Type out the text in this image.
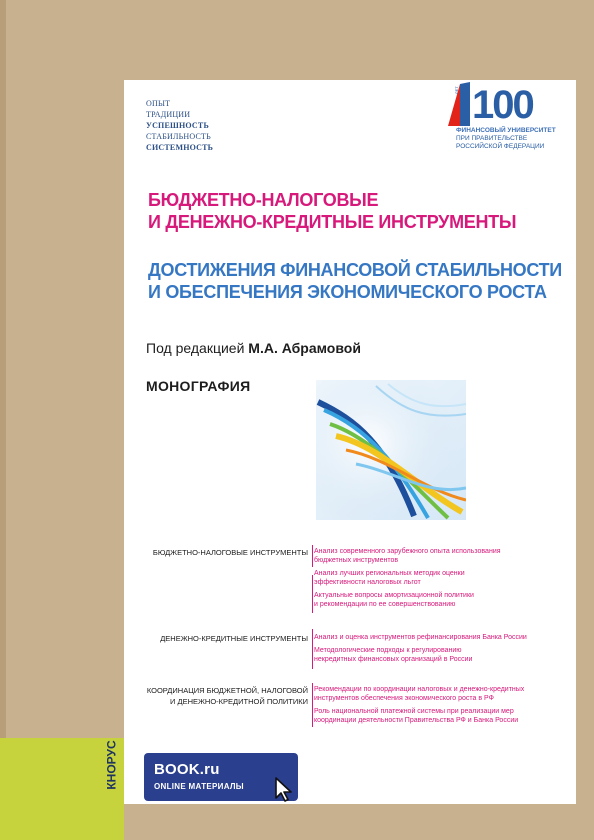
КНОРУС
ОПЫТ
ТРАДИЦИИ
УСПЕШНОСТЬ
СТАБИЛЬНОСТЬ
СИСТЕМНОСТЬ
ЛЕТ 100
ФИНАНСОВЫЙ УНИВЕРСИТЕТ
ПРИ ПРАВИТЕЛЬСТВЕ
РОССИЙСКОЙ ФЕДЕРАЦИИ
БЮДЖЕТНО-НАЛОГОВЫЕ
И ДЕНЕЖНО-КРЕДИТНЫЕ ИНСТРУМЕНТЫ
ДОСТИЖЕНИЯ ФИНАНСОВОЙ СТАБИЛЬНОСТИ
И ОБЕСПЕЧЕНИЯ ЭКОНОМИЧЕСКОГО РОСТА
Под редакцией М.А. Абрамовой
МОНОГРАФИЯ
БЮДЖЕТНО-НАЛОГОВЫЕ ИНСТРУМЕНТЫ Анализ современного зарубежного опыта использования
бюджетных инструментов
Анализ лучших региональных методик оценки
эффективности налоговых льгот
Актуальные вопросы амортизационной политики
и рекомендации по ее совершенствованию
ДЕНЕЖНО-КРЕДИТНЫЕ ИНСТРУМЕНТЫ Анализ и оценка инструментов рефинансирования Банка России
Методологические подходы к регулированию
некредитных финансовых организаций в России
КООРДИНАЦИЯ БЮДЖЕТНОЙ, НАЛОГОВОЙ
И ДЕНЕЖНО-КРЕДИТНОЙ ПОЛИТИКИ
Рекомендации по координации налоговых и денежно-кредитных
инструментов обеспечения экономического роста в РФ
Роль национальной платежной системы при реализации мер
координации деятельности Правительства РФ и Банка России
BOOK.ru
ONLINE МАТЕРИАЛЫ
